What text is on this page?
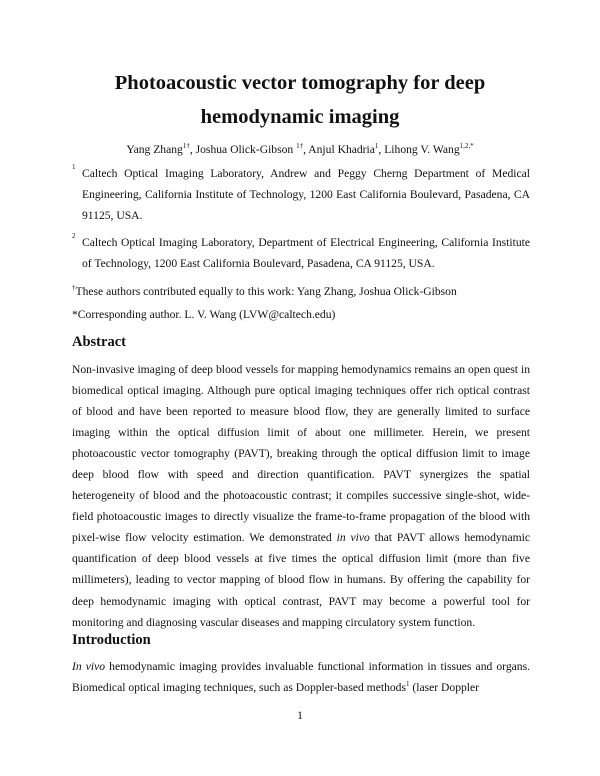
Photoacoustic vector tomography for deep
hemodynamic imaging
Yang Zhang$^{1\dagger}$, Joshua Olick-Gibson $^{1\dagger}$, Anjul Khadria$^1$, Lihong V. Wang$^{1,2,*}$
1 Caltech Optical Imaging Laboratory, Andrew and Peggy Cherng Department of Medical Engineering, California Institute of Technology, 1200 East California Boulevard, Pasadena, CA 91125, USA.
2 Caltech Optical Imaging Laboratory, Department of Electrical Engineering, California Institute of Technology, 1200 East California Boulevard, Pasadena, CA 91125, USA.
†These authors contributed equally to this work: Yang Zhang, Joshua Olick-Gibson
*Corresponding author. L. V. Wang (LVW@caltech.edu)
Abstract
Non-invasive imaging of deep blood vessels for mapping hemodynamics remains an open quest in biomedical optical imaging. Although pure optical imaging techniques offer rich optical contrast of blood and have been reported to measure blood flow, they are generally limited to surface imaging within the optical diffusion limit of about one millimeter. Herein, we present photoacoustic vector tomography (PAVT), breaking through the optical diffusion limit to image deep blood flow with speed and direction quantification. PAVT synergizes the spatial heterogeneity of blood and the photoacoustic contrast; it compiles successive single-shot, wide-field photoacoustic images to directly visualize the frame-to-frame propagation of the blood with pixel-wise flow velocity estimation. We demonstrated in vivo that PAVT allows hemodynamic quantification of deep blood vessels at five times the optical diffusion limit (more than five millimeters), leading to vector mapping of blood flow in humans. By offering the capability for deep hemodynamic imaging with optical contrast, PAVT may become a powerful tool for monitoring and diagnosing vascular diseases and mapping circulatory system function.
Introduction
In vivo hemodynamic imaging provides invaluable functional information in tissues and organs. Biomedical optical imaging techniques, such as Doppler-based methods$^1$ (laser Doppler
1
